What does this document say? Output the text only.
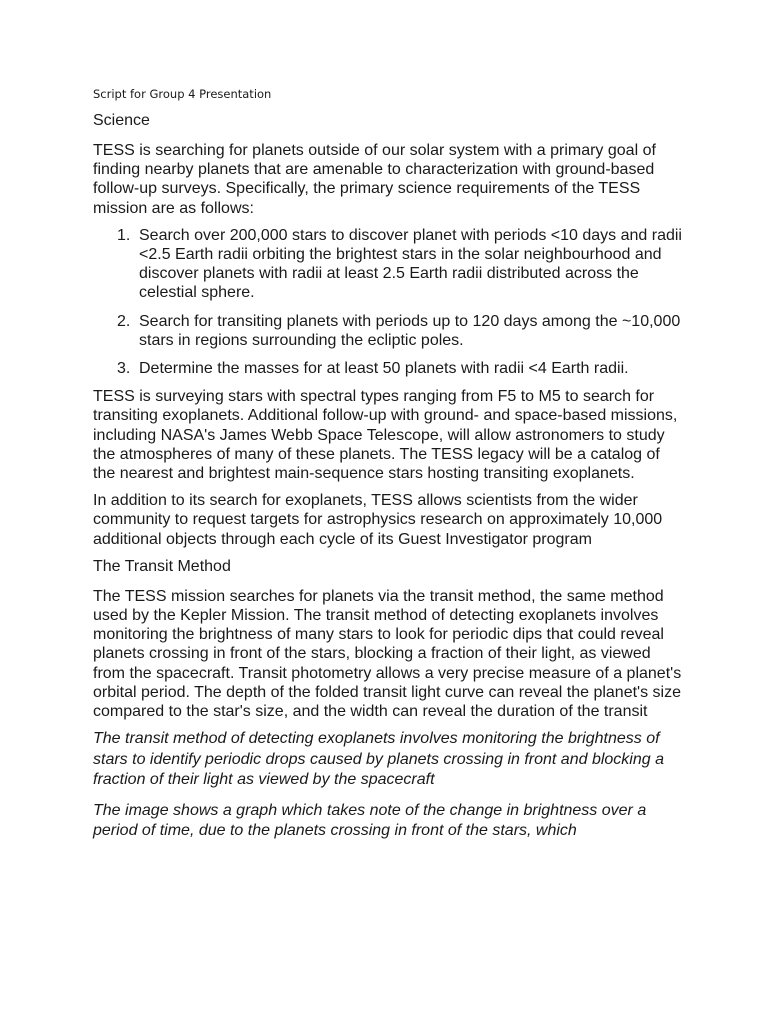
Script for Group 4 Presentation
Science

TESS is searching for planets outside of our solar system with a primary goal of finding nearby planets that are amenable to characterization with ground-based follow-up surveys. Specifically, the primary science requirements of the TESS mission are as follows:

1. Search over 200,000 stars to discover planet with periods <10 days and radii <2.5 Earth radii orbiting the brightest stars in the solar neighbourhood and discover planets with radii at least 2.5 Earth radii distributed across the celestial sphere.
2. Search for transiting planets with periods up to 120 days among the ~10,000 stars in regions surrounding the ecliptic poles.
3. Determine the masses for at least 50 planets with radii <4 Earth radii.

TESS is surveying stars with spectral types ranging from F5 to M5 to search for transiting exoplanets. Additional follow-up with ground- and space-based missions, including NASA's James Webb Space Telescope, will allow astronomers to study the atmospheres of many of these planets. The TESS legacy will be a catalog of the nearest and brightest main-sequence stars hosting transiting exoplanets.

In addition to its search for exoplanets, TESS allows scientists from the wider community to request targets for astrophysics research on approximately 10,000 additional objects through each cycle of its Guest Investigator program

The Transit Method

The TESS mission searches for planets via the transit method, the same method used by the Kepler Mission. The transit method of detecting exoplanets involves monitoring the brightness of many stars to look for periodic dips that could reveal planets crossing in front of the stars, blocking a fraction of their light, as viewed from the spacecraft. Transit photometry allows a very precise measure of a planet's orbital period. The depth of the folded transit light curve can reveal the planet's size compared to the star's size, and the width can reveal the duration of the transit

The transit method of detecting exoplanets involves monitoring the brightness of stars to identify periodic drops caused by planets crossing in front and blocking a fraction of their light as viewed by the spacecraft

The image shows a graph which takes note of the change in brightness over a period of time, due to the planets crossing in front of the stars, which
